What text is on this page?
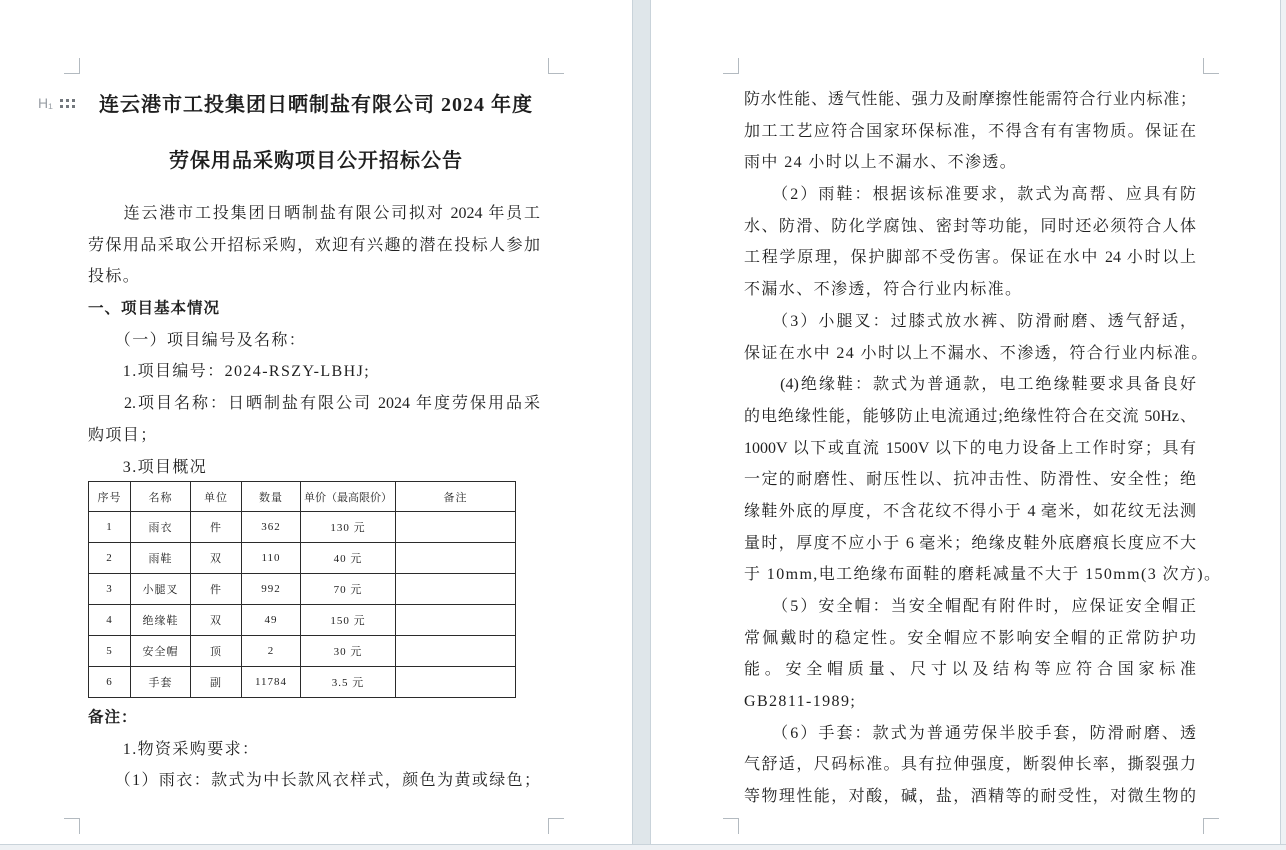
H₁	连云港市工投集团日晒制盐有限公司 2024 年度
劳保用品采购项目公开招标公告
　　连云港市工投集团日晒制盐有限公司拟对 2024 年员工
劳保用品采取公开招标采购，欢迎有兴趣的潜在投标人参加
投标。
一、项目基本情况
　　（一）项目编号及名称：
　　1.项目编号：2024-RSZY-LBHJ;
　　2.项目名称：日晒制盐有限公司 2024 年度劳保用品采
购项目；
　　3.项目概况
序号	名称	单位	数量	单价（最高限价）	备注
1	雨衣	件	362	130 元	
2	雨鞋	双	110	40 元	
3	小腿叉	件	992	70 元	
4	绝缘鞋	双	49	150 元	
5	安全帽	顶	2	30 元	
6	手套	副	11784	3.5 元	
备注：
　　1.物资采购要求：
　　（1）雨衣：款式为中长款风衣样式，颜色为黄或绿色；
防水性能、透气性能、强力及耐摩擦性能需符合行业内标准；
加工工艺应符合国家环保标准，不得含有有害物质。保证在
雨中 24 小时以上不漏水、不渗透。
　　（2）雨鞋：根据该标准要求，款式为高帮、应具有防
水、防滑、防化学腐蚀、密封等功能，同时还必须符合人体
工程学原理，保护脚部不受伤害。保证在水中 24 小时以上
不漏水、不渗透，符合行业内标准。
　　（3）小腿叉：过膝式放水裤、防滑耐磨、透气舒适，
保证在水中 24 小时以上不漏水、不渗透，符合行业内标准。
　　(4)绝缘鞋：款式为普通款，电工绝缘鞋要求具备良好
的电绝缘性能，能够防止电流通过;绝缘性符合在交流 50Hz、
1000V 以下或直流 1500V 以下的电力设备上工作时穿；具有
一定的耐磨性、耐压性以、抗冲击性、防滑性、安全性；绝
缘鞋外底的厚度，不含花纹不得小于 4 毫米，如花纹无法测
量时，厚度不应小于 6 毫米；绝缘皮鞋外底磨痕长度应不大
于 10mm,电工绝缘布面鞋的磨耗减量不大于 150mm(3 次方)。
　　（5）安全帽：当安全帽配有附件时，应保证安全帽正
常佩戴时的稳定性。安全帽应不影响安全帽的正常防护功
能。安全帽质量、尺寸以及结构等应符合国家标准
GB2811-1989;
　　（6）手套：款式为普通劳保半胶手套，防滑耐磨、透
气舒适，尺码标准。具有拉伸强度，断裂伸长率，撕裂强力
等物理性能，对酸，碱，盐，酒精等的耐受性，对微生物的
